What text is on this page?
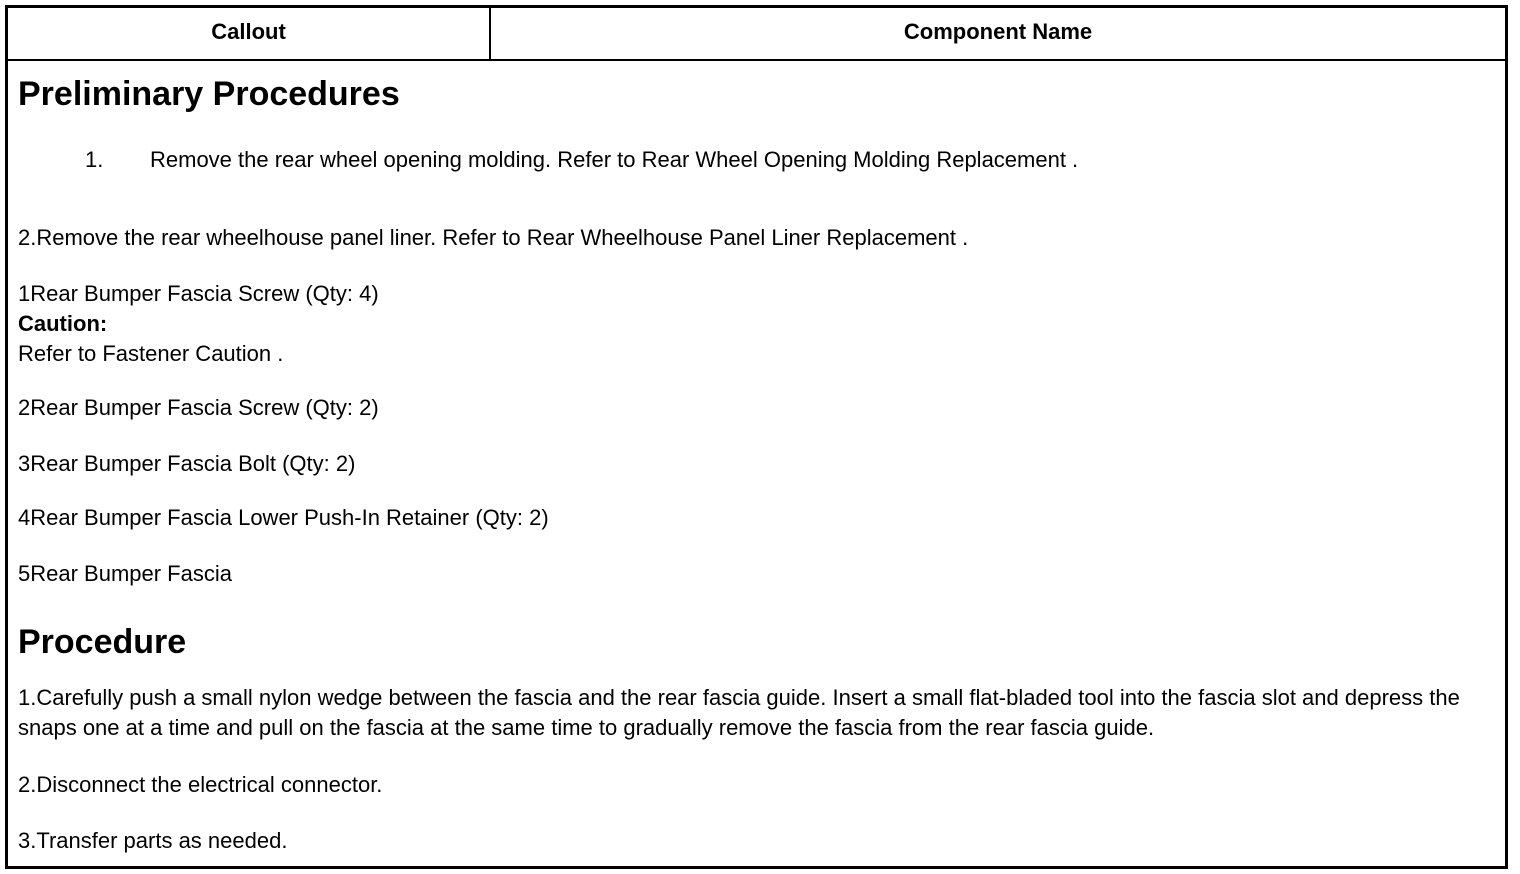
Callout	Component Name
Preliminary Procedures
1. Remove the rear wheel opening molding. Refer to Rear Wheel Opening Molding Replacement .
2.Remove the rear wheelhouse panel liner. Refer to Rear Wheelhouse Panel Liner Replacement .
1Rear Bumper Fascia Screw (Qty: 4)
Caution:
Refer to Fastener Caution .
2Rear Bumper Fascia Screw (Qty: 2)
3Rear Bumper Fascia Bolt (Qty: 2)
4Rear Bumper Fascia Lower Push-In Retainer (Qty: 2)
5Rear Bumper Fascia
Procedure
1.Carefully push a small nylon wedge between the fascia and the rear fascia guide. Insert a small flat-bladed tool into the fascia slot and depress the snaps one at a time and pull on the fascia at the same time to gradually remove the fascia from the rear fascia guide.
2.Disconnect the electrical connector.
3.Transfer parts as needed.
